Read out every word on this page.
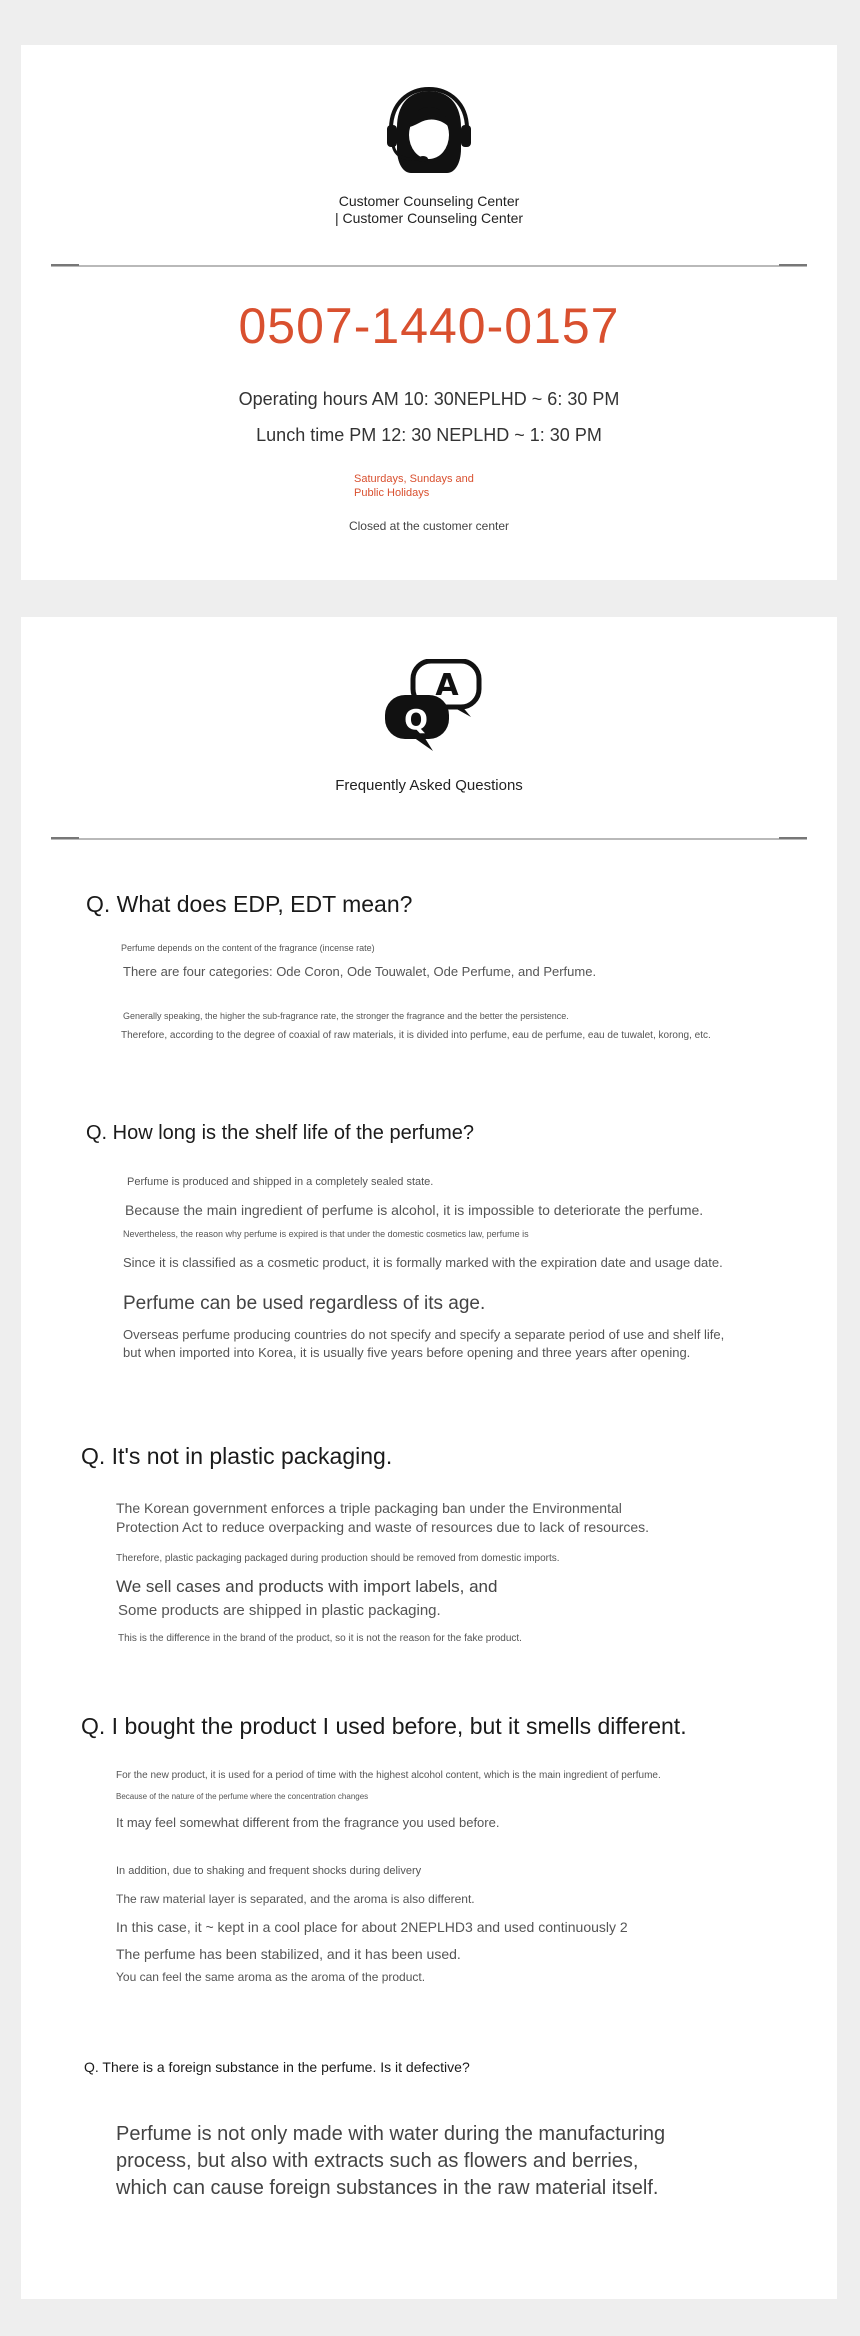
Customer Counseling Center
| Customer Counseling Center
0507-1440-0157
Operating hours AM 10: 30NEPLHD ~ 6: 30 PM
Lunch time PM 12: 30 NEPLHD ~ 1: 30 PM
Saturdays, Sundays and
Public Holidays
Closed at the customer center
A
Q
Frequently Asked Questions
Q. What does EDP, EDT mean?
Perfume depends on the content of the fragrance (incense rate)
There are four categories: Ode Coron, Ode Touwalet, Ode Perfume, and Perfume.
Generally speaking, the higher the sub-fragrance rate, the stronger the fragrance and the better the persistence.
Therefore, according to the degree of coaxial of raw materials, it is divided into perfume, eau de perfume, eau de tuwalet, korong, etc.
Q. How long is the shelf life of the perfume?
Perfume is produced and shipped in a completely sealed state.
Because the main ingredient of perfume is alcohol, it is impossible to deteriorate the perfume.
Nevertheless, the reason why perfume is expired is that under the domestic cosmetics law, perfume is
Since it is classified as a cosmetic product, it is formally marked with the expiration date and usage date.
Perfume can be used regardless of its age.
Overseas perfume producing countries do not specify and specify a separate period of use and shelf life,
but when imported into Korea, it is usually five years before opening and three years after opening.
Q. It's not in plastic packaging.
The Korean government enforces a triple packaging ban under the Environmental
Protection Act to reduce overpacking and waste of resources due to lack of resources.
Therefore, plastic packaging packaged during production should be removed from domestic imports.
We sell cases and products with import labels, and
Some products are shipped in plastic packaging.
This is the difference in the brand of the product, so it is not the reason for the fake product.
Q. I bought the product I used before, but it smells different.
For the new product, it is used for a period of time with the highest alcohol content, which is the main ingredient of perfume.
Because of the nature of the perfume where the concentration changes
It may feel somewhat different from the fragrance you used before.
In addition, due to shaking and frequent shocks during delivery
The raw material layer is separated, and the aroma is also different.
In this case, it ~ kept in a cool place for about 2NEPLHD3 and used continuously 2
The perfume has been stabilized, and it has been used.
You can feel the same aroma as the aroma of the product.
Q. There is a foreign substance in the perfume. Is it defective?
Perfume is not only made with water during the manufacturing
process, but also with extracts such as flowers and berries,
which can cause foreign substances in the raw material itself.
